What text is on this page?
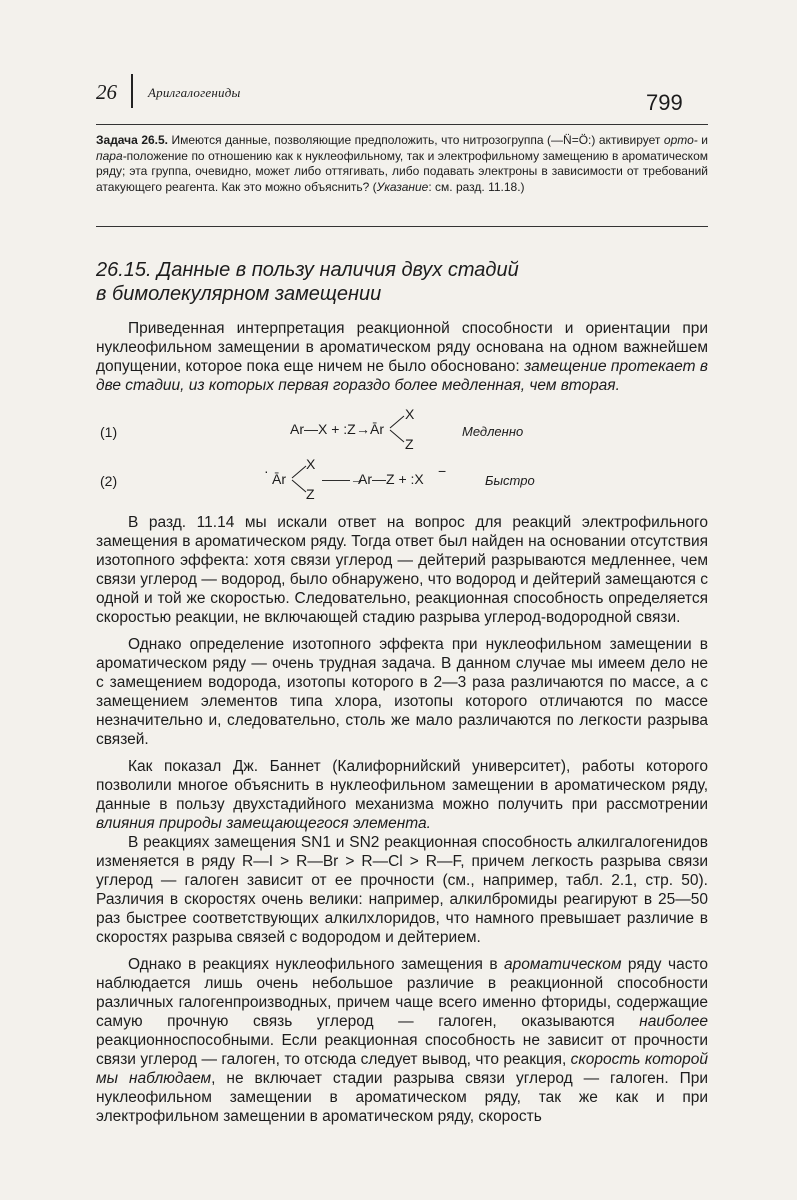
26 Арилгалогениды	799
Задача 26.5. Имеются данные, позволяющие предположить, что нитрозогруппа (—N̈=Ö:) активирует орто- и пара-положение по отношению как к нуклеофильному, так и электрофильному замещению в ароматическом ряду; эта группа, очевидно, может либо оттягивать, либо подавать электроны в зависимости от требований атакующего реагента. Как это можно объяснить? (Указание: см. разд. 11.18.)
26.15. Данные в пользу наличия двух стадий
в бимолекулярном замещении

Приведенная интерпретация реакционной способности и ориентации при нуклеофильном замещении в ароматическом ряду основана на одном важнейшем допущении, которое пока еще ничем не было обосновано: замещение протекает в две стадии, из которых первая гораздо более медленная, чем вторая.

(1)	Ar—X + :Z → Ār
X
Z
Медленно
(2)
· Ār
X
Z
——→
Ar—Z + :X −
Быстро

В разд. 11.14 мы искали ответ на вопрос для реакций электрофильного замещения в ароматическом ряду. Тогда ответ был найден на основании отсутствия изотопного эффекта: хотя связи углерод — дейтерий разрываются медленнее, чем связи углерод — водород, было обнаружено, что водород и дейтерий замещаются с одной и той же скоростью. Следовательно, реакционная способность определяется скоростью реакции, не включающей стадию разрыва углерод-водородной связи.

Однако определение изотопного эффекта при нуклеофильном замещении в ароматическом ряду — очень трудная задача. В данном случае мы имеем дело не с замещением водорода, изотопы которого в 2—3 раза различаются по массе, а с замещением элементов типа хлора, изотопы которого отличаются по массе незначительно и, следовательно, столь же мало различаются по легкости разрыва связей.

Как показал Дж. Баннет (Калифорнийский университет), работы которого позволили многое объяснить в нуклеофильном замещении в ароматическом ряду, данные в пользу двухстадийного механизма можно получить при рассмотрении влияния природы замещающегося элемента.

В реакциях замещения SN1 и SN2 реакционная способность алкилгалогенидов изменяется в ряду R—I > R—Br > R—Cl > R—F, причем легкость разрыва связи углерод — галоген зависит от ее прочности (см., например, табл. 2.1, стр. 50). Различия в скоростях очень велики: например, алкилбромиды реагируют в 25—50 раз быстрее соответствующих алкилхлоридов, что намного превышает различие в скоростях разрыва связей с водородом и дейтерием.

Однако в реакциях нуклеофильного замещения в ароматическом ряду часто наблюдается лишь очень небольшое различие в реакционной способности различных галогенпроизводных, причем чаще всего именно фториды, содержащие самую прочную связь углерод — галоген, оказываются наиболее реакционноспособными. Если реакционная способность не зависит от прочности связи углерод — галоген, то отсюда следует вывод, что реакция, скорость которой мы наблюдаем, не включает стадии разрыва связи углерод — галоген. При нуклеофильном замещении в ароматическом ряду, так же как и при электрофильном замещении в ароматическом ряду, скорость
